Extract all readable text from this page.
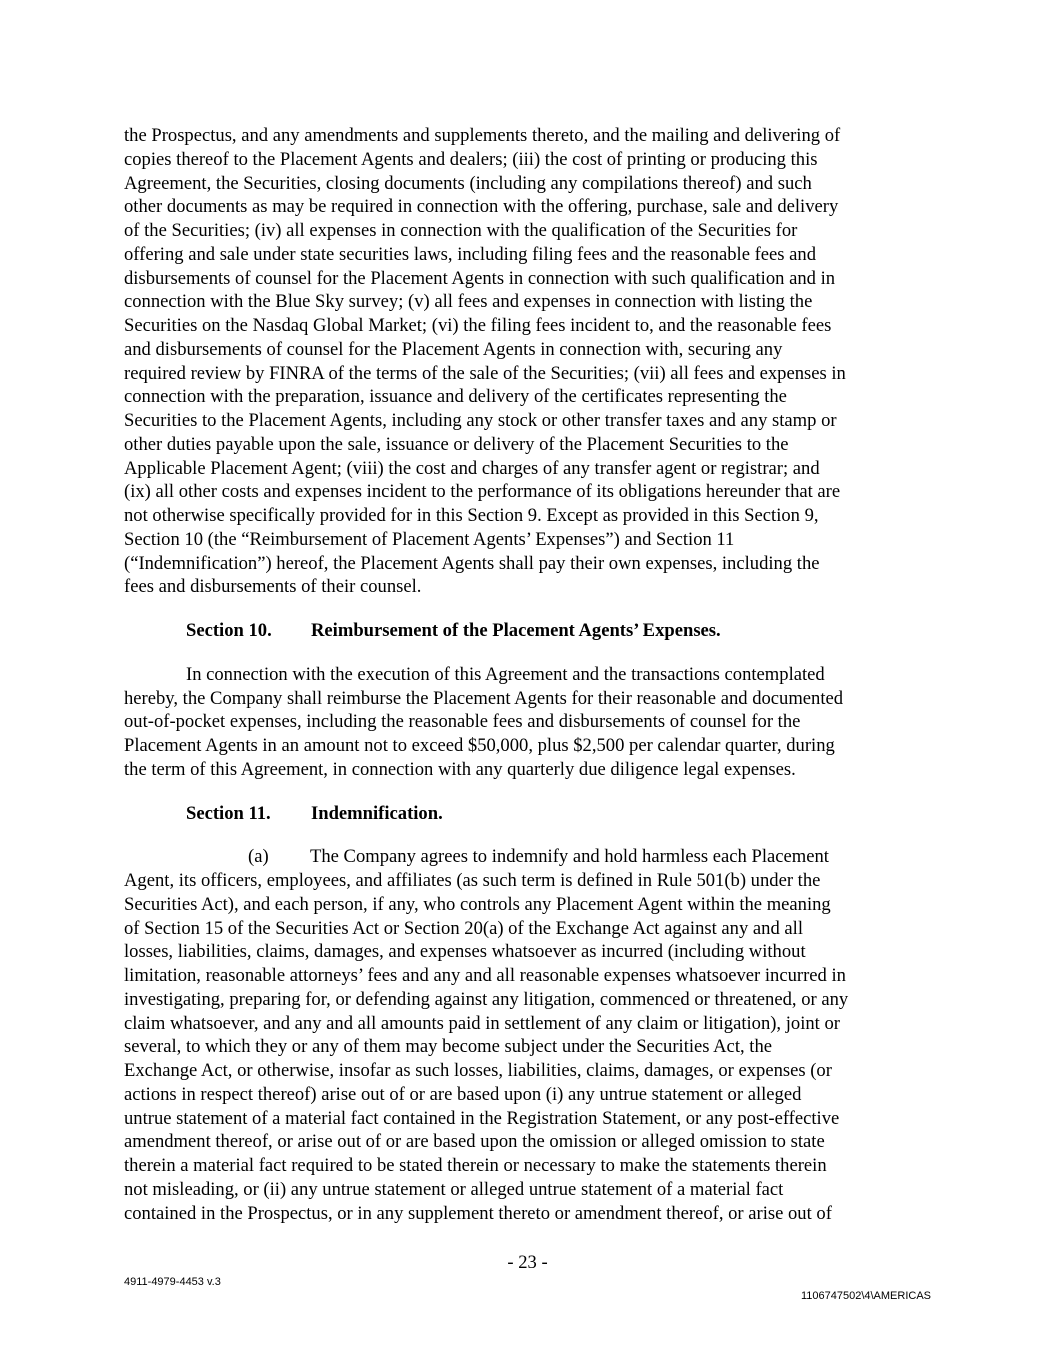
the Prospectus, and any amendments and supplements thereto, and the mailing and delivering of
copies thereof to the Placement Agents and dealers; (iii) the cost of printing or producing this
Agreement, the Securities, closing documents (including any compilations thereof) and such
other documents as may be required in connection with the offering, purchase, sale and delivery
of the Securities; (iv) all expenses in connection with the qualification of the Securities for
offering and sale under state securities laws, including filing fees and the reasonable fees and
disbursements of counsel for the Placement Agents in connection with such qualification and in
connection with the Blue Sky survey; (v) all fees and expenses in connection with listing the
Securities on the Nasdaq Global Market; (vi) the filing fees incident to, and the reasonable fees
and disbursements of counsel for the Placement Agents in connection with, securing any
required review by FINRA of the terms of the sale of the Securities; (vii) all fees and expenses in
connection with the preparation, issuance and delivery of the certificates representing the
Securities to the Placement Agents, including any stock or other transfer taxes and any stamp or
other duties payable upon the sale, issuance or delivery of the Placement Securities to the
Applicable Placement Agent; (viii) the cost and charges of any transfer agent or registrar; and
(ix) all other costs and expenses incident to the performance of its obligations hereunder that are
not otherwise specifically provided for in this Section 9. Except as provided in this Section 9,
Section 10 (the “Reimbursement of Placement Agents’ Expenses”) and Section 11
(“Indemnification”) hereof, the Placement Agents shall pay their own expenses, including the
fees and disbursements of their counsel.
Section 10. Reimbursement of the Placement Agents’ Expenses.
In connection with the execution of this Agreement and the transactions contemplated
hereby, the Company shall reimburse the Placement Agents for their reasonable and documented
out-of-pocket expenses, including the reasonable fees and disbursements of counsel for the
Placement Agents in an amount not to exceed $50,000, plus $2,500 per calendar quarter, during
the term of this Agreement, in connection with any quarterly due diligence legal expenses.
Section 11. Indemnification.
(a) The Company agrees to indemnify and hold harmless each Placement
Agent, its officers, employees, and affiliates (as such term is defined in Rule 501(b) under the
Securities Act), and each person, if any, who controls any Placement Agent within the meaning
of Section 15 of the Securities Act or Section 20(a) of the Exchange Act against any and all
losses, liabilities, claims, damages, and expenses whatsoever as incurred (including without
limitation, reasonable attorneys’ fees and any and all reasonable expenses whatsoever incurred in
investigating, preparing for, or defending against any litigation, commenced or threatened, or any
claim whatsoever, and any and all amounts paid in settlement of any claim or litigation), joint or
several, to which they or any of them may become subject under the Securities Act, the
Exchange Act, or otherwise, insofar as such losses, liabilities, claims, damages, or expenses (or
actions in respect thereof) arise out of or are based upon (i) any untrue statement or alleged
untrue statement of a material fact contained in the Registration Statement, or any post-effective
amendment thereof, or arise out of or are based upon the omission or alleged omission to state
therein a material fact required to be stated therein or necessary to make the statements therein
not misleading, or (ii) any untrue statement or alleged untrue statement of a material fact
contained in the Prospectus, or in any supplement thereto or amendment thereof, or arise out of
- 23 -
4911-4979-4453 v.3
1106747502\4\AMERICAS
